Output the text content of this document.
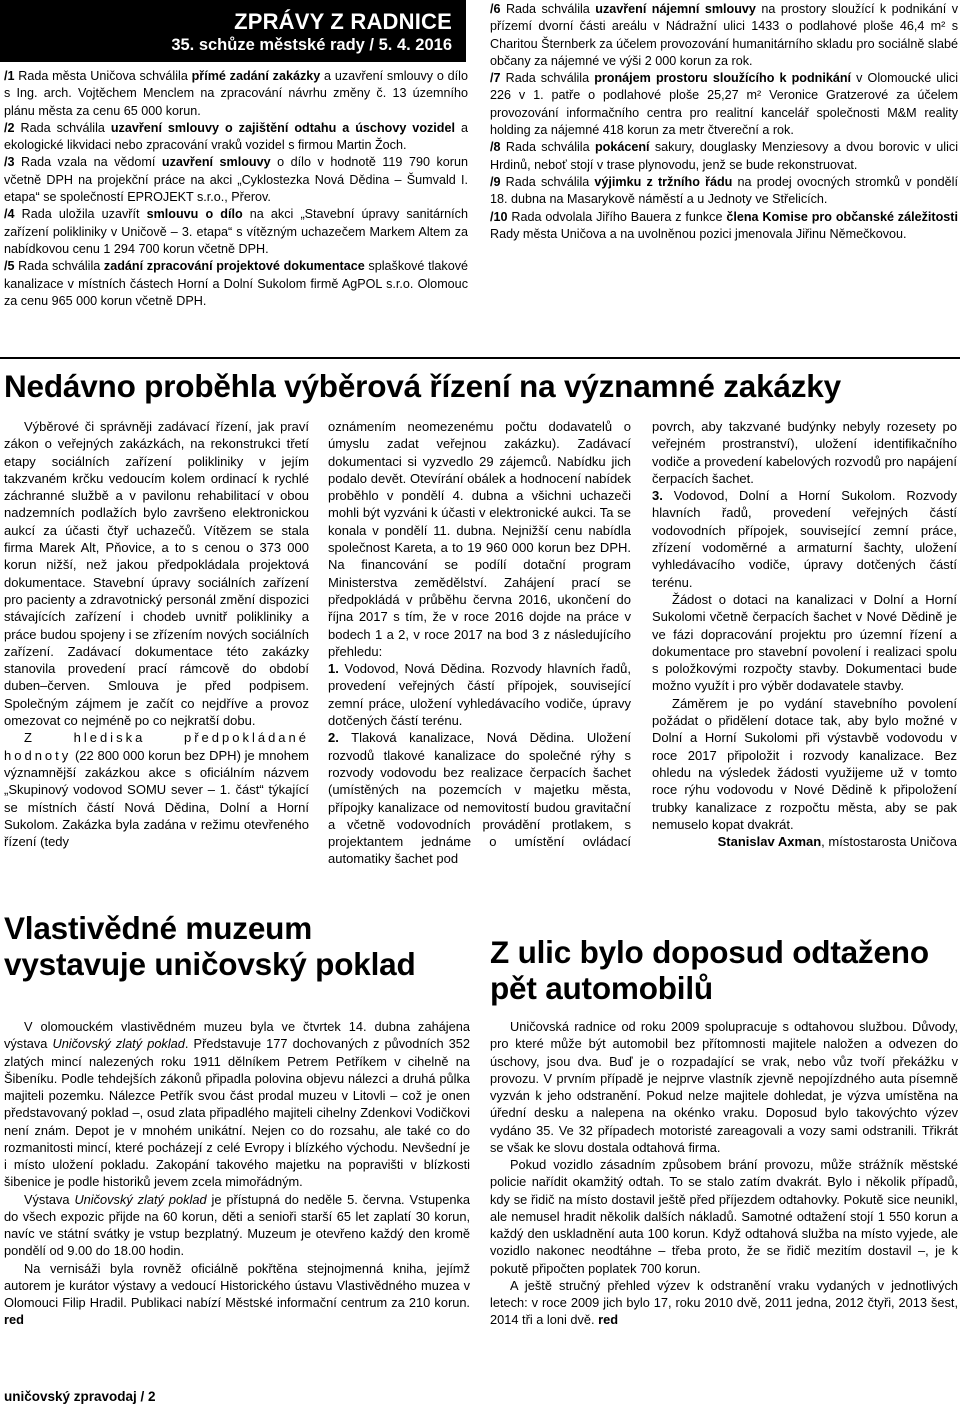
ZPRÁVY Z RADNICE
35. schůze městské rady / 5. 4. 2016

/1 Rada města Uničova schválila přímé zadání zakázky a uzavření smlouvy o dílo s Ing. arch. Vojtěchem Menclem na zpracování návrhu změny č. 13 územního plánu města za cenu 65 000 korun.

/2 Rada schválila uzavření smlouvy o zajištění odtahu a úschovy vozidel a ekologické likvidaci nebo zpracování vraků vozidel s firmou Martin Žoch.

/3 Rada vzala na vědomí uzavření smlouvy o dílo v hodnotě 119 790 korun včetně DPH na projekční práce na akci „Cyklostezka Nová Dědina – Šumvald I. etapa“ se společností EPROJEKT s.r.o., Přerov.

/4 Rada uložila uzavřít smlouvu o dílo na akci „Stavební úpravy sanitárních zařízení polikliniky v Uničově – 3. etapa“ s vítězným uchazečem Markem Altem za nabídkovou cenu 1 294 700 korun včetně DPH.

/5 Rada schválila zadání zpracování projektové dokumentace splaškové tlakové kanalizace v místních částech Horní a Dolní Sukolom firmě AgPOL s.r.o. Olomouc za cenu 965 000 korun včetně DPH.

/6 Rada schválila uzavření nájemní smlouvy na prostory sloužící k podnikání v přízemí dvorní části areálu v Nádražní ulici 1433 o podlahové ploše 46,4 m² s Charitou Šternberk za účelem provozování humanitárního skladu pro sociálně slabé občany za nájemné ve výši 2 000 korun za rok.

/7 Rada schválila pronájem prostoru sloužícího k podnikání v Olomoucké ulici 226 v 1. patře o podlahové ploše 25,27 m² Veronice Gratzerové za účelem provozování informačního centra pro realitní kancelář společnosti M&M reality holding za nájemné 418 korun za metr čtvereční a rok.

/8 Rada schválila pokácení sakury, douglasky Menziesovy a dvou borovic v ulici Hrdinů, neboť stojí v trase plynovodu, jenž se bude rekonstruovat.

/9 Rada schválila výjimku z tržního řádu na prodej ovocných stromků v pondělí 18. dubna na Masarykově náměstí a u Jednoty ve Střelicích.

/10 Rada odvolala Jiřího Bauera z funkce člena Komise pro občanské záležitosti Rady města Uničova a na uvolněnou pozici jmenovala Jiřinu Němečkovou.

Nedávno proběhla výběrová řízení na významné zakázky

Výběrové či správněji zadávací řízení, jak praví zákon o veřejných zakázkách, na rekonstrukci třetí etapy sociálních zařízení polikliniky v jejím takzvaném krčku vedoucím kolem ordinací k rychlé záchranné službě a v pavilonu rehabilitací v obou nadzemních podlažích bylo završeno elektronickou aukcí za účasti čtyř uchazečů. Vítězem se stala firma Marek Alt, Pňovice, a to s cenou o 373 000 korun nižší, než jakou předpokládala projektová dokumentace. Stavební úpravy sociálních zařízení pro pacienty a zdravotnický personál změní dispozici stávajících zařízení i chodeb uvnitř polikliniky a práce budou spojeny i se zřízením nových sociálních zařízení. Zadávací dokumentace této zakázky stanovila provedení prací rámcově do období duben–červen. Smlouva je před podpisem. Společným zájmem je začít co nejdříve a provoz omezovat co nejméně po co nejkratší dobu.

Z hlediska předpokládané hodnoty (22 800 000 korun bez DPH) je mnohem významnější zakázkou akce s oficiálním názvem „Skupinový vodovod SOMU sever – 1. část“ týkající se místních částí Nová Dědina, Dolní a Horní Sukolom. Zakázka byla zadána v režimu otevřeného řízení (tedy

oznámením neomezenému počtu dodavatelů o úmyslu zadat veřejnou zakázku). Zadávací dokumentaci si vyzvedlo 29 zájemců. Nabídku jich podalo devět. Otevírání obálek a hodnocení nabídek proběhlo v pondělí 4. dubna a všichni uchazeči mohli být vyzváni k účasti v elektronické aukci. Ta se konala v pondělí 11. dubna. Nejnižší cenu nabídla společnost Kareta, a to 19 960 000 korun bez DPH. Na financování se podílí dotační program Ministerstva zemědělství. Zahájení prací se předpokládá v průběhu června 2016, ukončení do října 2017 s tím, že v roce 2016 dojde na práce v bodech 1 a 2, v roce 2017 na bod 3 z následujícího přehledu:

1. Vodovod, Nová Dědina. Rozvody hlavních řadů, provedení veřejných částí přípojek, související zemní práce, uložení vyhledávacího vodiče, úpravy dotčených částí terénu.

2. Tlaková kanalizace, Nová Dědina. Uložení rozvodů tlakové kanalizace do společné rýhy s rozvody vodovodu bez realizace čerpacích šachet (umístěných na pozemcích v majetku města, přípojky kanalizace od nemovitostí budou gravitační a včetně vodovodních provádění protlakem, s projektantem jednáme o umístění ovládací automatiky šachet pod

povrch, aby takzvané budýnky nebyly rozesety po veřejném prostranství), uložení identifikačního vodiče a provedení kabelových rozvodů pro napájení čerpacích šachet.

3. Vodovod, Dolní a Horní Sukolom. Rozvody hlavních řadů, provedení veřejných částí vodovodních přípojek, související zemní práce, zřízení vodoměrné a armaturní šachty, uložení vyhledávacího vodiče, úpravy dotčených částí terénu.

Žádost o dotaci na kanalizaci v Dolní a Horní Sukolomi včetně čerpacích šachet v Nové Dědině je ve fázi dopracování projektu pro územní řízení a dokumentace pro stavební povolení i realizaci spolu s položkovými rozpočty stavby. Dokumentaci bude možno využít i pro výběr dodavatele stavby.

Záměrem je po vydání stavebního povolení požádat o přidělení dotace tak, aby bylo možné v Dolní a Horní Sukolomi při výstavbě vodovodu v roce 2017 připoložit i rozvody kanalizace. Bez ohledu na výsledek žádosti využijeme už v tomto roce rýhu vodovodu v Nové Dědině k připoložení trubky kanalizace z rozpočtu města, aby se pak nemuselo kopat dvakrát.

Stanislav Axman, místostarosta Uničova

Vlastivědné muzeum
vystavuje uničovský poklad

V olomouckém vlastivědném muzeu byla ve čtvrtek 14. dubna zahájena výstava Uničovský zlatý poklad. Představuje 177 dochovaných z původních 352 zlatých mincí nalezených roku 1911 dělníkem Petrem Petříkem v cihelně na Šibeníku. Podle tehdejších zákonů připadla polovina objevu nálezci a druhá půlka majiteli pozemku. Nálezce Petřík svou část prodal muzeu v Litovli – což je onen představovaný poklad –, osud zlata připadlého majiteli cihelny Zdenkovi Vodičkovi není znám. Depot je v mnohém unikátní. Nejen co do rozsahu, ale také co do rozmanitosti mincí, které pocházejí z celé Evropy i blízkého východu. Nevšední je i místo uložení pokladu. Zakopání takového majetku na popravišti v blízkosti šibenice je podle historiků jevem zcela mimořádným.

Výstava Uničovský zlatý poklad je přístupná do neděle 5. června. Vstupenka do všech expozic přijde na 60 korun, děti a senioři starší 65 let zaplatí 30 korun, navíc ve státní svátky je vstup bezplatný. Muzeum je otevřeno každý den kromě pondělí od 9.00 do 18.00 hodin.

Na vernisáži byla rovněž oficiálně pokřtěna stejnojmenná kniha, jejímž autorem je kurátor výstavy a vedoucí Historického ústavu Vlastivědného muzea v Olomouci Filip Hradil. Publikaci nabízí Městské informační centrum za 210 korun. red

Z ulic bylo doposud odtaženo
pět automobilů

Uničovská radnice od roku 2009 spolupracuje s odtahovou službou. Důvody, pro které může být automobil bez přítomnosti majitele naložen a odvezen do úschovy, jsou dva. Buď je o rozpadající se vrak, nebo vůz tvoří překážku v provozu. V prvním případě je nejprve vlastník zjevně nepojízdného auta písemně vyzván k jeho odstranění. Pokud nelze majitele dohledat, je výzva umístěna na úřední desku a nalepena na okénko vraku. Doposud bylo takovýchto výzev vydáno 35. Ve 32 případech motoristé zareagovali a vozy sami odstranili. Třikrát se však ke slovu dostala odtahová firma.

Pokud vozidlo zásadním způsobem brání provozu, může strážník městské policie nařídit okamžitý odtah. To se stalo zatím dvakrát. Bylo i několik případů, kdy se řidič na místo dostavil ještě před příjezdem odtahovky. Pokutě sice neunikl, ale nemusel hradit několik dalších nákladů. Samotné odtažení stojí 1 550 korun a každý den uskladnění auta 100 korun. Když odtahová služba na místo vyjede, ale vozidlo nakonec neodtáhne – třeba proto, že se řidič mezitím dostavil –, je k pokutě připočten poplatek 700 korun.

A ještě stručný přehled výzev k odstranění vraku vydaných v jednotlivých letech: v roce 2009 jich bylo 17, roku 2010 dvě, 2011 jedna, 2012 čtyři, 2013 šest, 2014 tři a loni dvě. red

uničovský zpravodaj / 2
